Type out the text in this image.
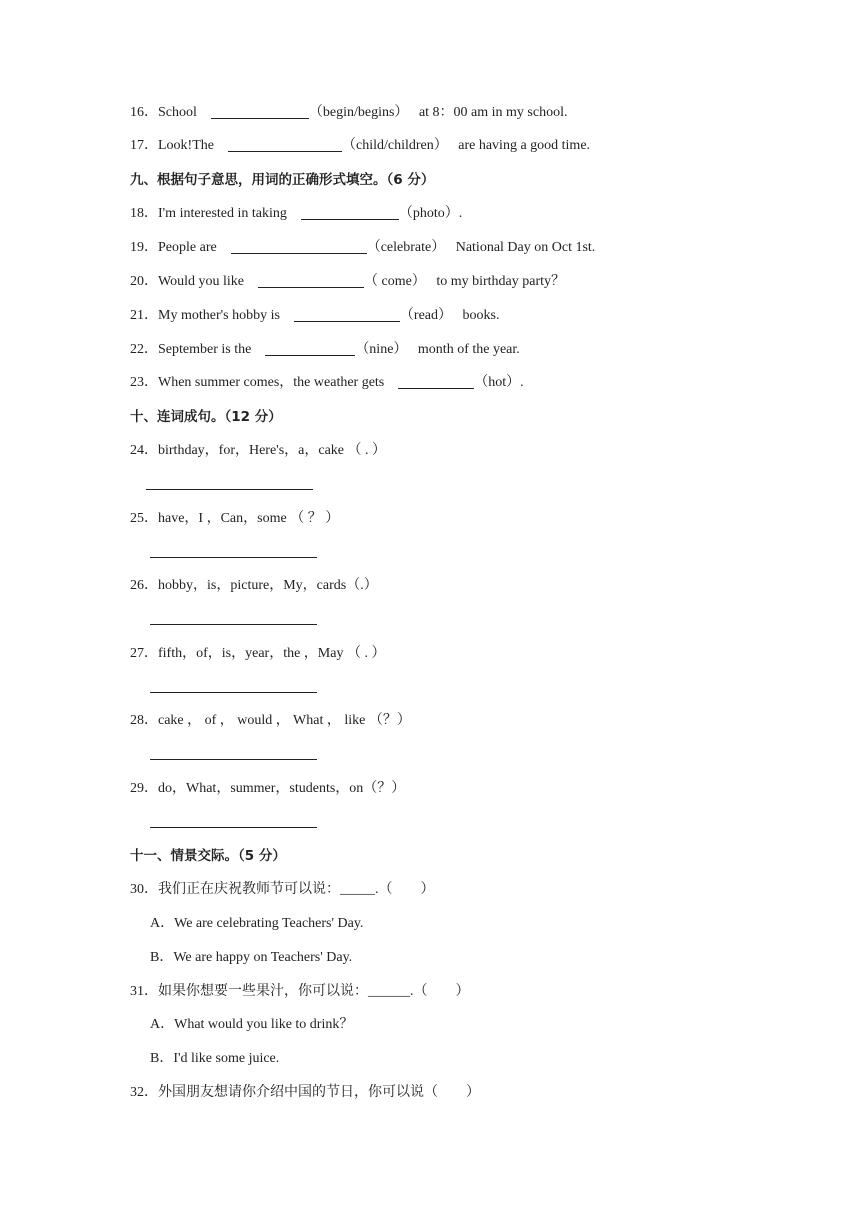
16．School	（begin/begins） at 8：00 am in my school.
17．Look!The	（child/children） are having a good time.
九、根据句子意思，用词的正确形式填空。（6 分）
18．I'm interested in taking	（photo）.
19．People are	（celebrate） National Day on Oct 1st.
20．Would you like	（ come） to my birthday party？
21．My mother's hobby is	（read） books.
22．September is the	（nine） month of the year.
23．When summer comes，the weather gets	（hot）.
十、连词成句。（12 分）
24．birthday，for，Here's，a，cake （ . ）
25．have，I ，Can，some （ ？ ）
26．hobby，is，picture，My，cards（.）
27．fifth，of，is，year，the ，May （ . ）
28．cake ， of ， would ， What ， like （？）
29．do，What，summer，students，on（？）
十一、情景交际。（5 分）
30．我们正在庆祝教师节可以说：_____.（　　）
A．We are celebrating Teachers' Day.
B．We are happy on Teachers' Day.
31．如果你想要一些果汁，你可以说：______.（　　）
A．What would you like to drink？
B．I'd like some juice.
32．外国朋友想请你介绍中国的节日，你可以说（　　）
